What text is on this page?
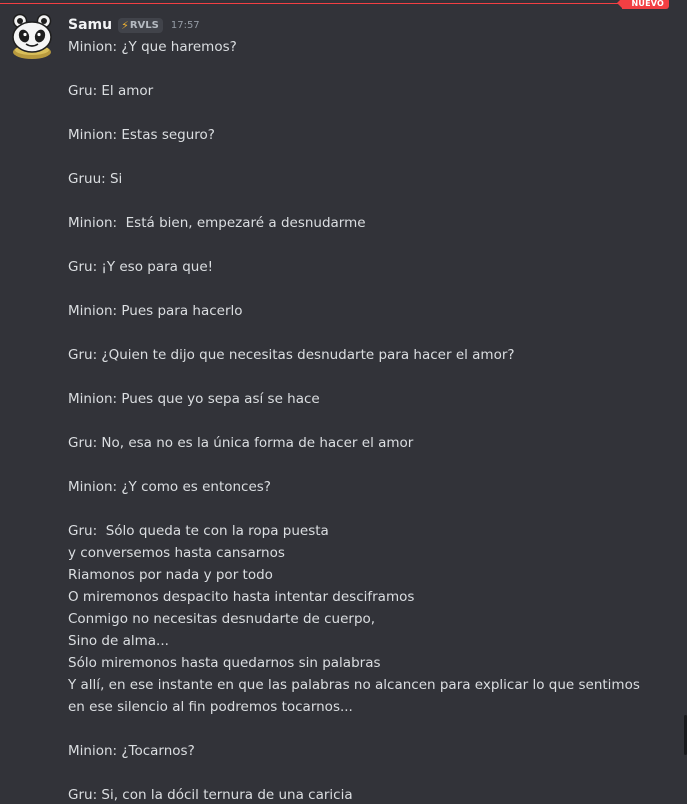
NUEVO
Samu ⚡ RVLS 17:57
Minion: ¿Y que haremos?
Gru: El amor
Minion: Estas seguro?
Gruu: Si
Minion:  Está bien, empezaré a desnudarme
Gru: ¡Y eso para que!
Minion: Pues para hacerlo
Gru: ¿Quien te dijo que necesitas desnudarte para hacer el amor?
Minion: Pues que yo sepa así se hace
Gru: No, esa no es la única forma de hacer el amor
Minion: ¿Y como es entonces?
Gru:  Sólo queda te con la ropa puesta
y conversemos hasta cansarnos
Riamonos por nada y por todo
O miremonos despacito hasta intentar desciframos
Conmigo no necesitas desnudarte de cuerpo,
Sino de alma...
Sólo miremonos hasta quedarnos sin palabras
Y allí, en ese instante en que las palabras no alcancen para explicar lo que sentimos
en ese silencio al fin podremos tocarnos...
Minion: ¿Tocarnos?
Gru: Si, con la dócil ternura de una caricia
